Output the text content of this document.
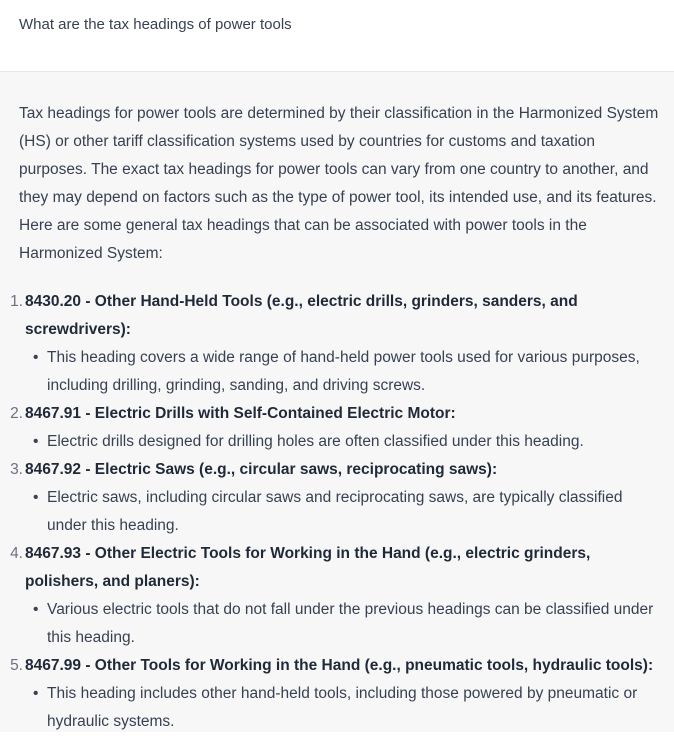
What are the tax headings of power tools

Tax headings for power tools are determined by their classification in the Harmonized System (HS) or other tariff classification systems used by countries for customs and taxation purposes. The exact tax headings for power tools can vary from one country to another, and they may depend on factors such as the type of power tool, its intended use, and its features. Here are some general tax headings that can be associated with power tools in the Harmonized System:

1. 8430.20 - Other Hand-Held Tools (e.g., electric drills, grinders, sanders, and screwdrivers):
• This heading covers a wide range of hand-held power tools used for various purposes, including drilling, grinding, sanding, and driving screws.
2. 8467.91 - Electric Drills with Self-Contained Electric Motor:
• Electric drills designed for drilling holes are often classified under this heading.
3. 8467.92 - Electric Saws (e.g., circular saws, reciprocating saws):
• Electric saws, including circular saws and reciprocating saws, are typically classified under this heading.
4. 8467.93 - Other Electric Tools for Working in the Hand (e.g., electric grinders, polishers, and planers):
• Various electric tools that do not fall under the previous headings can be classified under this heading.
5. 8467.99 - Other Tools for Working in the Hand (e.g., pneumatic tools, hydraulic tools):
• This heading includes other hand-held tools, including those powered by pneumatic or hydraulic systems.
